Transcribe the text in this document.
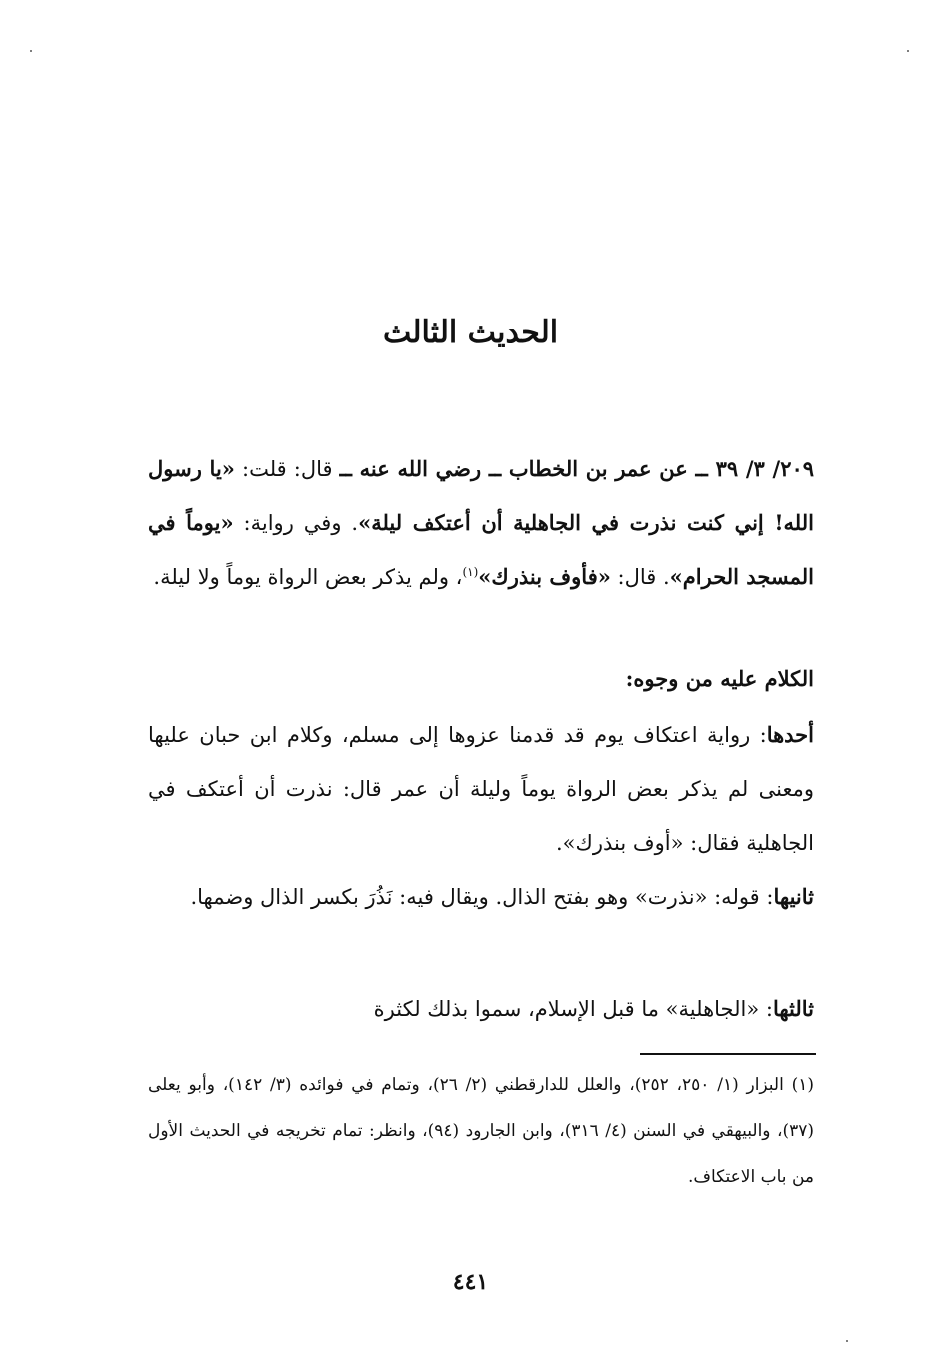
الحديث الثالث

٢٠٩/ ٣/ ٣٩ ــ عن عمر بن الخطاب ــ رضي الله عنه ــ قال: قلت: «يا رسول الله! إني كنت نذرت في الجاهلية أن أعتكف ليلة». وفي رواية: «يوماً في المسجد الحرام». قال: «فأوف بنذرك»$^{(١)}$، ولم يذكر بعض الرواة يوماً ولا ليلة.

الكلام عليه من وجوه:

أحدها: رواية اعتكاف يوم قد قدمنا عزوها إلى مسلم، وكلام ابن حبان عليها ومعنى لم يذكر بعض الرواة يوماً وليلة أن عمر قال: نذرت أن أعتكف في الجاهلية فقال: «أوف بنذرك».

ثانيها: قوله: «نذرت» وهو بفتح الذال. ويقال فيه: نَذُرَ بكسر الذال وضمها.

ثالثها: «الجاهلية» ما قبل الإسلام، سموا بذلك لكثرة

(١) البزار (١/ ٢٥٠، ٢٥٢)، والعلل للدارقطني (٢/ ٢٦)، وتمام في فوائده (٣/ ١٤٢)، وأبو يعلى (٣٧)، والبيهقي في السنن (٤/ ٣١٦)، وابن الجارود (٩٤)، وانظر: تمام تخريجه في الحديث الأول من باب الاعتكاف.
٤٤١
